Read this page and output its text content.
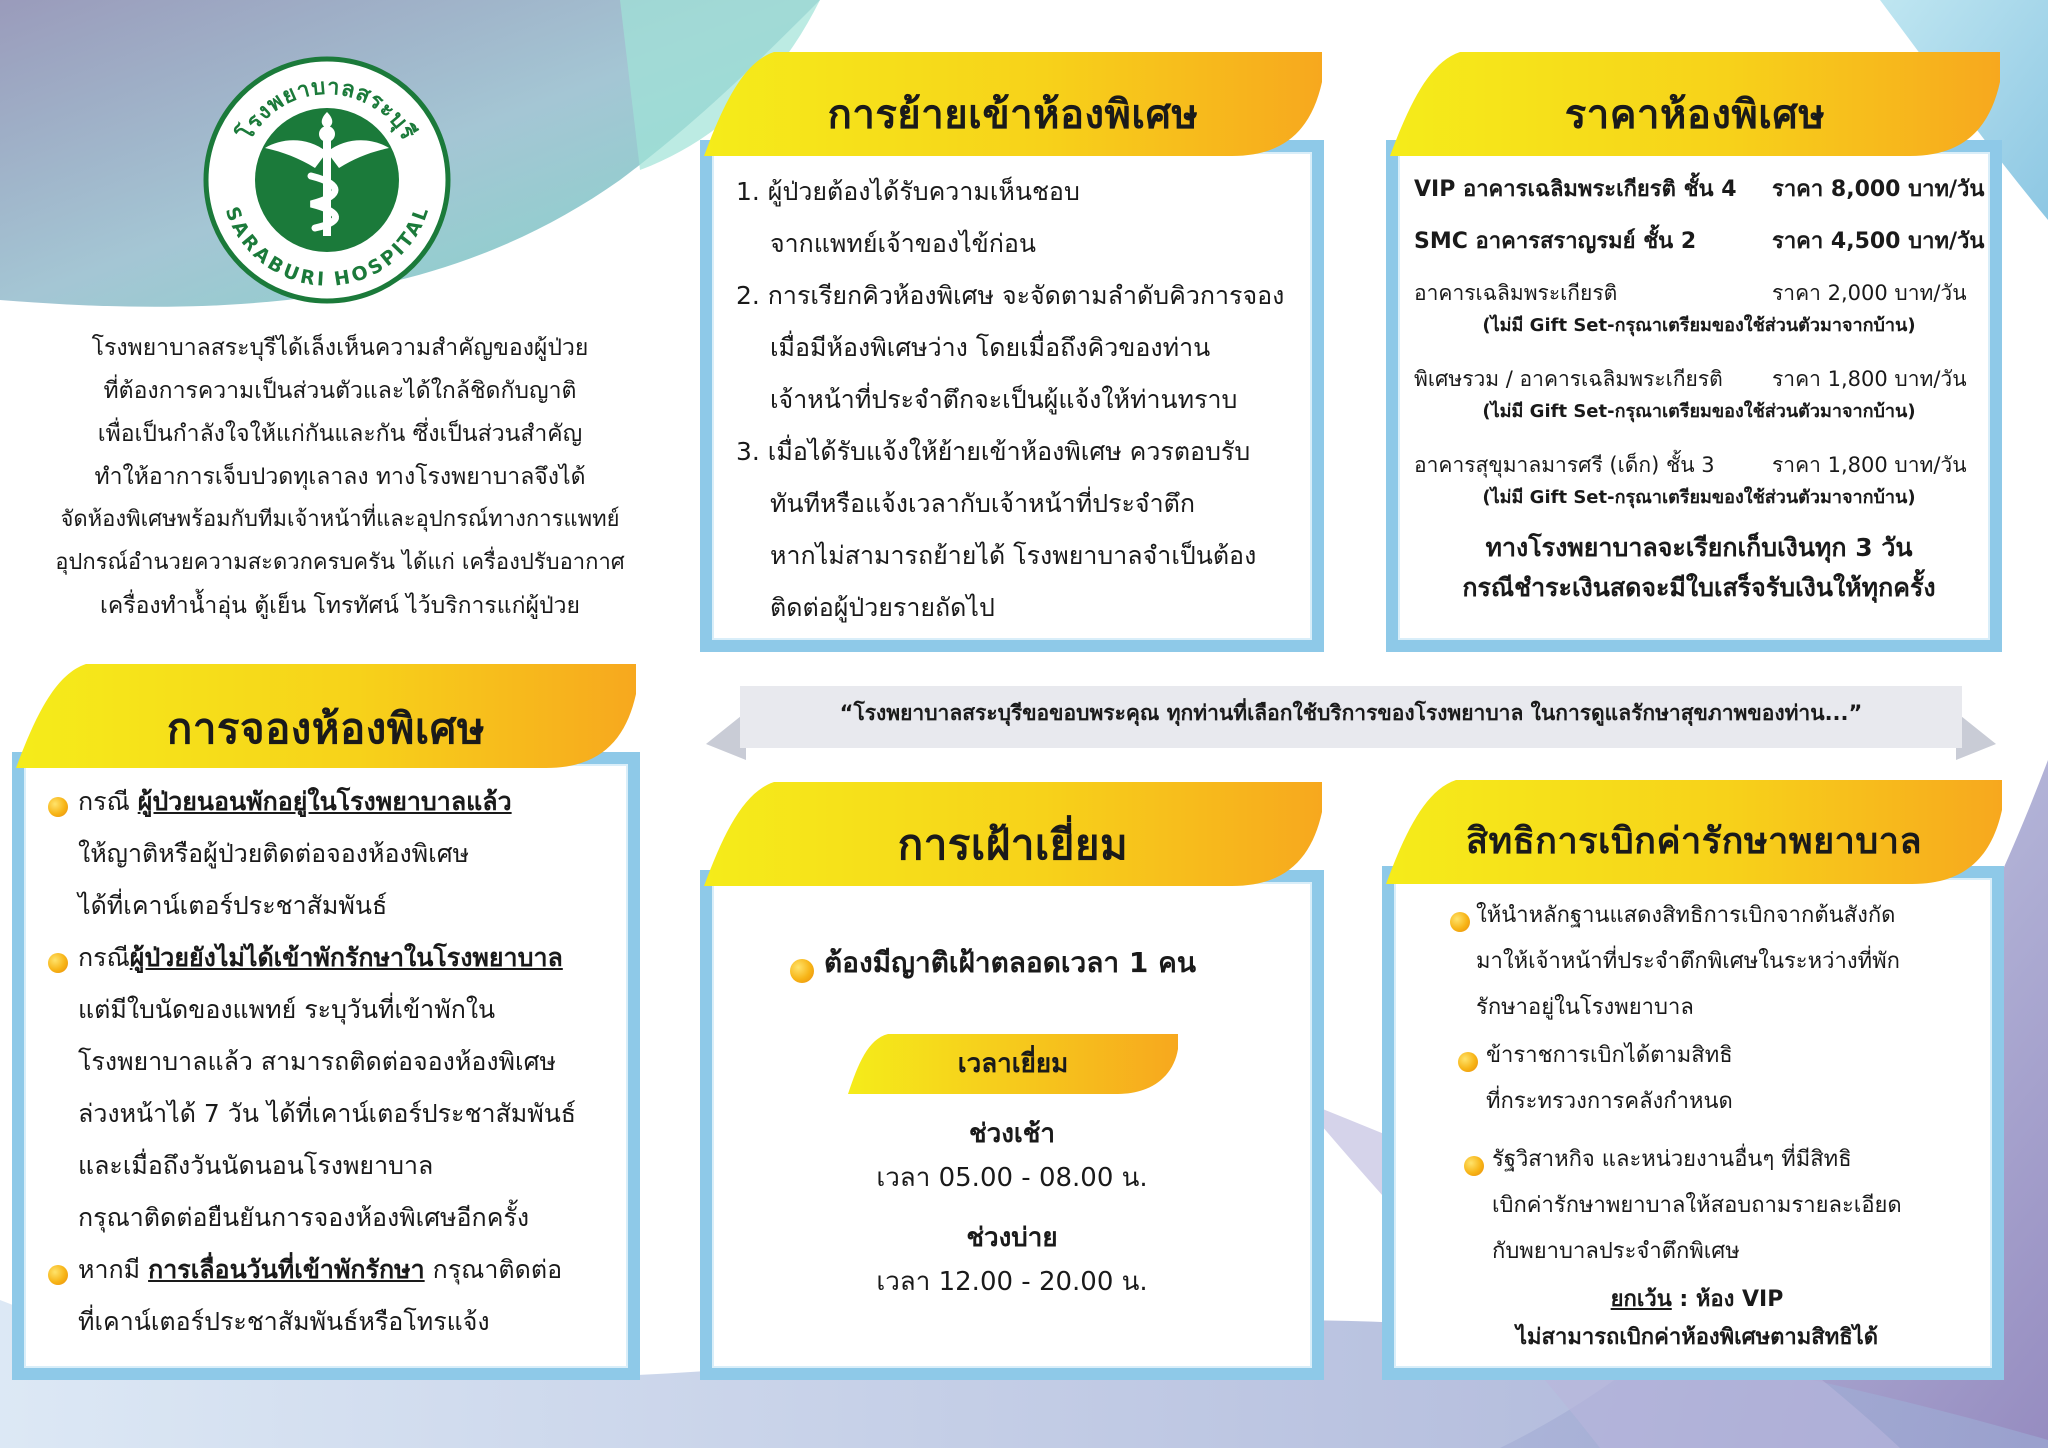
โรงพยาบาลสระบุรี
SARABURI HOSPITAL
โรงพยาบาลสระบุรีได้เล็งเห็นความสำคัญของผู้ป่วย
ที่ต้องการความเป็นส่วนตัวและได้ใกล้ชิดกับญาติ
เพื่อเป็นกำลังใจให้แก่กันและกัน ซึ่งเป็นส่วนสำคัญ
ทำให้อาการเจ็บปวดทุเลาลง ทางโรงพยาบาลจึงได้
จัดห้องพิเศษพร้อมกับทีมเจ้าหน้าที่และอุปกรณ์ทางการแพทย์
อุปกรณ์อำนวยความสะดวกครบครัน ได้แก่ เครื่องปรับอากาศ
เครื่องทำน้ำอุ่น ตู้เย็น โทรทัศน์ ไว้บริการแก่ผู้ป่วย
การจองห้องพิเศษ
กรณี ผู้ป่วยนอนพักอยู่ในโรงพยาบาลแล้ว
ให้ญาติหรือผู้ป่วยติดต่อจองห้องพิเศษ
ได้ที่เคาน์เตอร์ประชาสัมพันธ์
กรณีผู้ป่วยยังไม่ได้เข้าพักรักษาในโรงพยาบาล
แต่มีใบนัดของแพทย์ ระบุวันที่เข้าพักใน
โรงพยาบาลแล้ว สามารถติดต่อจองห้องพิเศษ
ล่วงหน้าได้ 7 วัน ได้ที่เคาน์เตอร์ประชาสัมพันธ์
และเมื่อถึงวันนัดนอนโรงพยาบาล
กรุณาติดต่อยืนยันการจองห้องพิเศษอีกครั้ง
หากมี การเลื่อนวันที่เข้าพักรักษา กรุณาติดต่อ
ที่เคาน์เตอร์ประชาสัมพันธ์หรือโทรแจ้ง
การย้ายเข้าห้องพิเศษ
1. ผู้ป่วยต้องได้รับความเห็นชอบ
จากแพทย์เจ้าของไข้ก่อน
2. การเรียกคิวห้องพิเศษ จะจัดตามลำดับคิวการจอง
เมื่อมีห้องพิเศษว่าง โดยเมื่อถึงคิวของท่าน
เจ้าหน้าที่ประจำตึกจะเป็นผู้แจ้งให้ท่านทราบ
3. เมื่อได้รับแจ้งให้ย้ายเข้าห้องพิเศษ ควรตอบรับ
ทันทีหรือแจ้งเวลากับเจ้าหน้าที่ประจำตึก
หากไม่สามารถย้ายได้ โรงพยาบาลจำเป็นต้อง
ติดต่อผู้ป่วยรายถัดไป
ราคาห้องพิเศษ
VIP อาคารเฉลิมพระเกียรติ ชั้น 4 ราคา 8,000 บาท/วัน
SMC อาคารสราญรมย์ ชั้น 2	ราคา 4,500 บาท/วัน
อาคารเฉลิมพระเกียรติ	ราคา 2,000 บาท/วัน
(ไม่มี Gift Set-กรุณาเตรียมของใช้ส่วนตัวมาจากบ้าน)
พิเศษรวม / อาคารเฉลิมพระเกียรติ ราคา 1,800 บาท/วัน
(ไม่มี Gift Set-กรุณาเตรียมของใช้ส่วนตัวมาจากบ้าน)
อาคารสุขุมาลมารศรี (เด็ก) ชั้น 3	ราคา 1,800 บาท/วัน
(ไม่มี Gift Set-กรุณาเตรียมของใช้ส่วนตัวมาจากบ้าน)
ทางโรงพยาบาลจะเรียกเก็บเงินทุก 3 วัน
กรณีชำระเงินสดจะมีใบเสร็จรับเงินให้ทุกครั้ง
“โรงพยาบาลสระบุรีขอขอบพระคุณ ทุกท่านที่เลือกใช้บริการของโรงพยาบาล ในการดูแลรักษาสุขภาพของท่าน...”
การเฝ้าเยี่ยม
ต้องมีญาติเฝ้าตลอดเวลา 1 คน
เวลาเยี่ยม
ช่วงเช้า
เวลา 05.00 - 08.00 น.
ช่วงบ่าย
เวลา 12.00 - 20.00 น.
สิทธิการเบิกค่ารักษาพยาบาล
ให้นำหลักฐานแสดงสิทธิการเบิกจากต้นสังกัด
มาให้เจ้าหน้าที่ประจำตึกพิเศษในระหว่างที่พัก
รักษาอยู่ในโรงพยาบาล
ข้าราชการเบิกได้ตามสิทธิ
ที่กระทรวงการคลังกำหนด
รัฐวิสาหกิจ และหน่วยงานอื่นๆ ที่มีสิทธิ
เบิกค่ารักษาพยาบาลให้สอบถามรายละเอียด
กับพยาบาลประจำตึกพิเศษ
ยกเว้น : ห้อง VIP
ไม่สามารถเบิกค่าห้องพิเศษตามสิทธิได้
